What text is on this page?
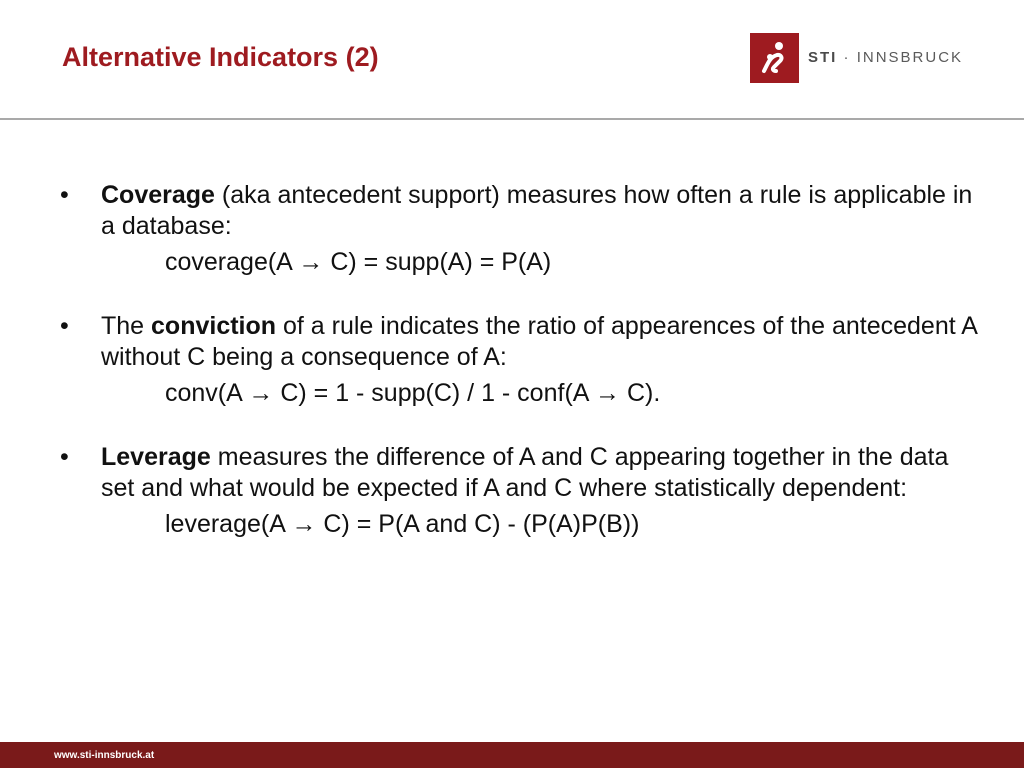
Alternative Indicators (2)	STI · INNSBRUCK
• Coverage (aka antecedent support) measures how often a rule is applicable in a database:
coverage(A → C) = supp(A) = P(A)
• The conviction of a rule indicates the ratio of appearences of the antecedent A without C being a consequence of A:
conv(A → C) = 1 - supp(C) / 1 - conf(A → C).
• Leverage measures the difference of A and C appearing together in the data set and what would be expected if A and C where statistically dependent:
leverage(A → C) = P(A and C) - (P(A)P(B))
www.sti-innsbruck.at
